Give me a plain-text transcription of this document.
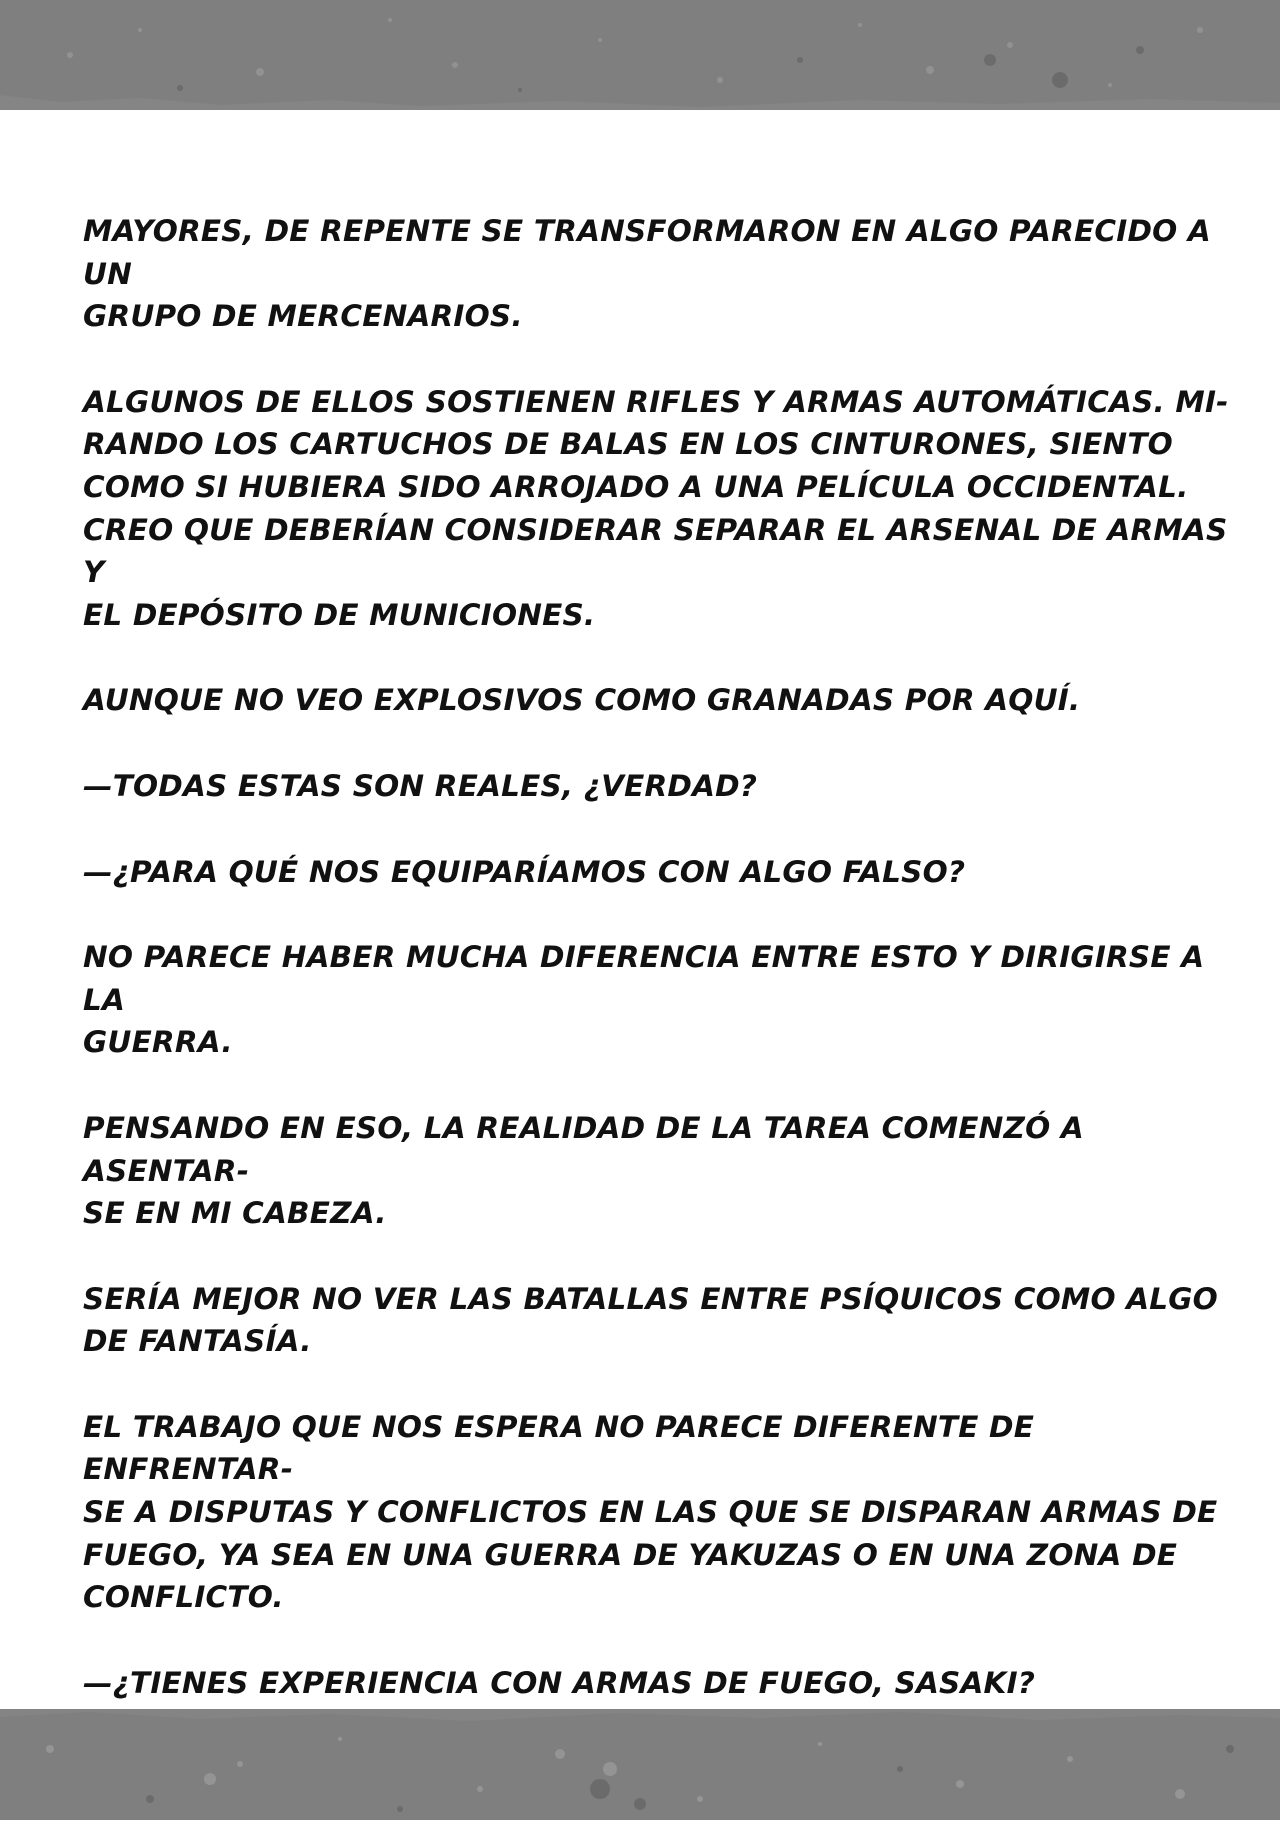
MAYORES, DE REPENTE SE TRANSFORMARON EN ALGO PARECIDO A UN
GRUPO DE MERCENARIOS.

ALGUNOS DE ELLOS SOSTIENEN RIFLES Y ARMAS AUTOMÁTICAS. MI-
RANDO LOS CARTUCHOS DE BALAS EN LOS CINTURONES, SIENTO
COMO SI HUBIERA SIDO ARROJADO A UNA PELÍCULA OCCIDENTAL.
CREO QUE DEBERÍAN CONSIDERAR SEPARAR EL ARSENAL DE ARMAS Y
EL DEPÓSITO DE MUNICIONES.

AUNQUE NO VEO EXPLOSIVOS COMO GRANADAS POR AQUÍ.

—TODAS ESTAS SON REALES, ¿VERDAD?

—¿PARA QUÉ NOS EQUIPARÍAMOS CON ALGO FALSO?

NO PARECE HABER MUCHA DIFERENCIA ENTRE ESTO Y DIRIGIRSE A LA
GUERRA.

PENSANDO EN ESO, LA REALIDAD DE LA TAREA COMENZÓ A ASENTAR-
SE EN MI CABEZA.

SERÍA MEJOR NO VER LAS BATALLAS ENTRE PSÍQUICOS COMO ALGO
DE FANTASÍA.

EL TRABAJO QUE NOS ESPERA NO PARECE DIFERENTE DE ENFRENTAR-
SE A DISPUTAS Y CONFLICTOS EN LAS QUE SE DISPARAN ARMAS DE
FUEGO, YA SEA EN UNA GUERRA DE YAKUZAS O EN UNA ZONA DE
CONFLICTO.

—¿TIENES EXPERIENCIA CON ARMAS DE FUEGO, SASAKI?
